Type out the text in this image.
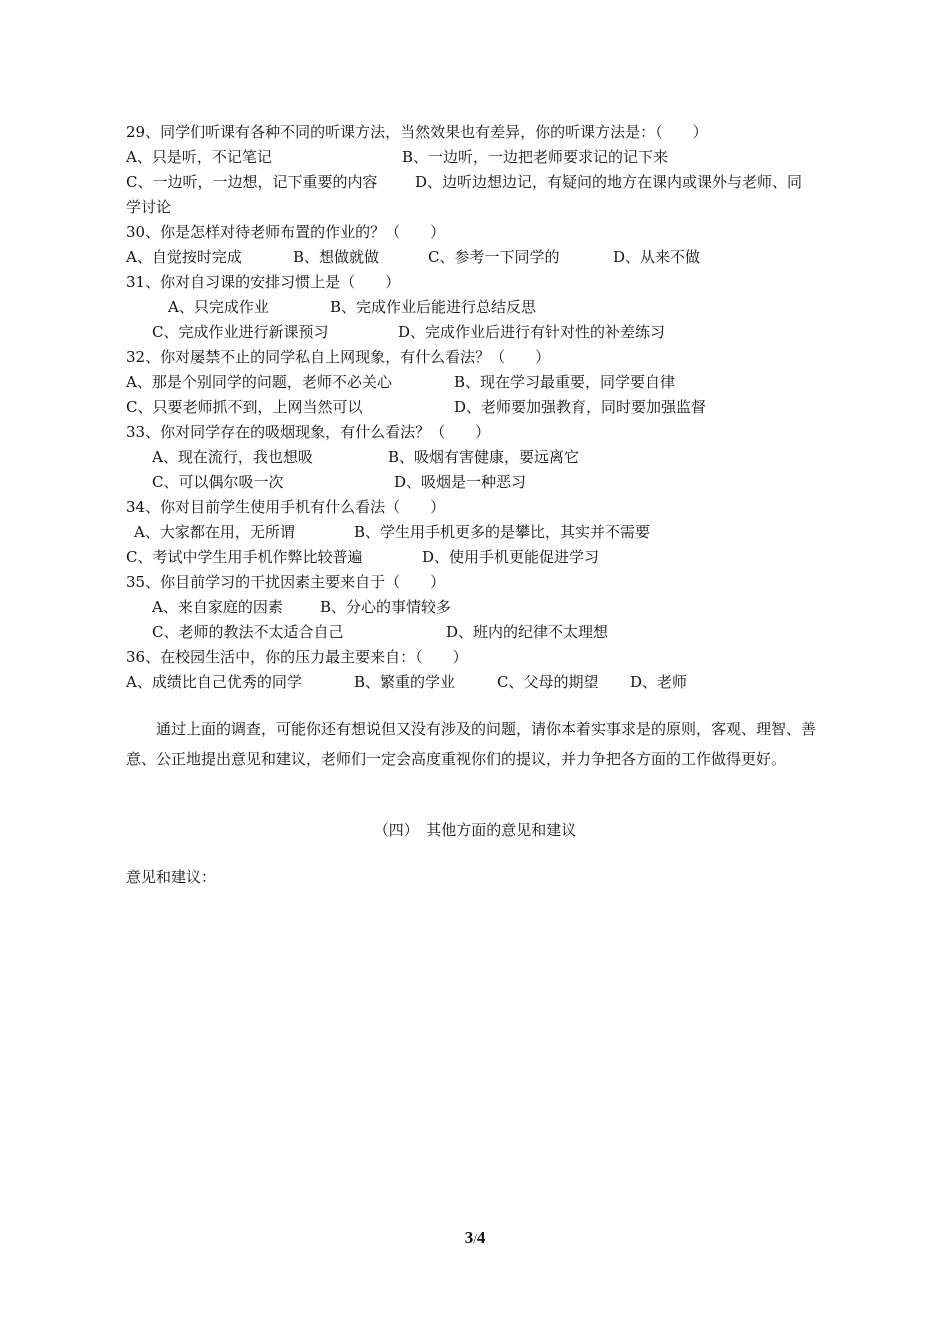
29、同学们听课有各种不同的听课方法，当然效果也有差异，你的听课方法是：（　　）
A、只是听，不记笔记	B、一边听，一边把老师要求记的记下来
C、一边听，一边想，记下重要的内容	D、边听边想边记，有疑问的地方在课内或课外与老师、同
学讨论
30、你是怎样对待老师布置的作业的？（　　）
A、自觉按时完成	B、想做就做	C、参考一下同学的	D、从来不做
31、你对自习课的安排习惯上是（　　）
A、只完成作业	B、完成作业后能进行总结反思
C、完成作业进行新课预习	D、完成作业后进行有针对性的补差练习
32、你对屡禁不止的同学私自上网现象，有什么看法？（　　）
A、那是个别同学的问题，老师不必关心	B、现在学习最重要，同学要自律
C、只要老师抓不到，上网当然可以	D、老师要加强教育，同时要加强监督
33、你对同学存在的吸烟现象，有什么看法？（　　）
A、现在流行，我也想吸	B、吸烟有害健康，要远离它
C、可以偶尔吸一次	D、吸烟是一种恶习
34、你对目前学生使用手机有什么看法（　　）
A、大家都在用，无所谓	B、学生用手机更多的是攀比，其实并不需要
C、考试中学生用手机作弊比较普遍	D、使用手机更能促进学习
35、你目前学习的干扰因素主要来自于（　　）
A、来自家庭的因素 B、分心的事情较多
C、老师的教法不太适合自己	D、班内的纪律不太理想
36、在校园生活中，你的压力最主要来自：（　　）
A、成绩比自己优秀的同学	B、繁重的学业	C、父母的期望 D、老师
通过上面的调查，可能你还有想说但又没有涉及的问题，请你本着实事求是的原则，客观、理智、善意、公正地提出意见和建议，老师们一定会高度重视你们的提议，并力争把各方面的工作做得更好。
（四）　其他方面的意见和建议
意见和建议：
3/4
